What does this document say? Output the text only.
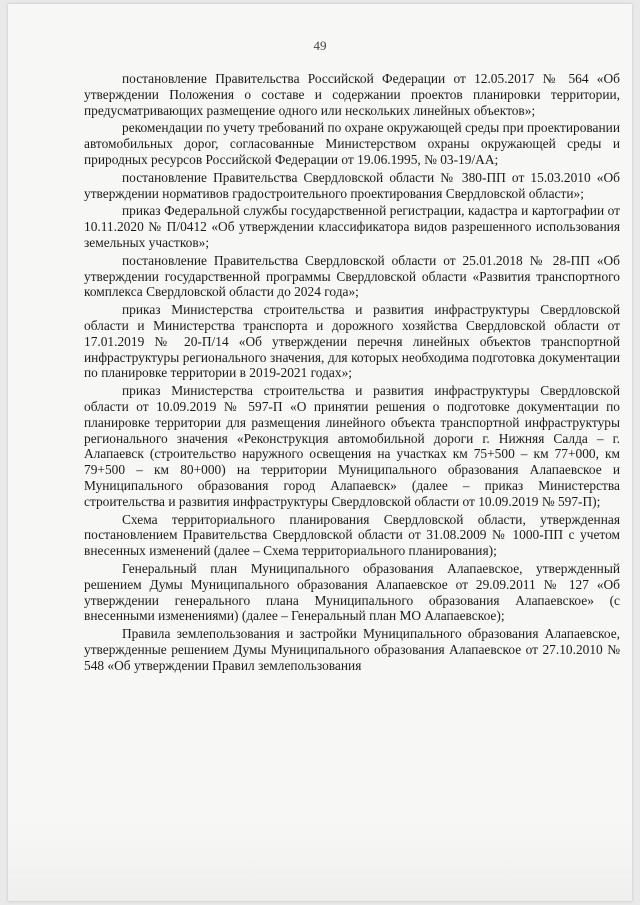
49

постановление Правительства Российской Федерации от 12.05.2017 № 564 «Об утверждении Положения о составе и содержании проектов планировки территории, предусматривающих размещение одного или нескольких линейных объектов»;

рекомендации по учету требований по охране окружающей среды при проектировании автомобильных дорог, согласованные Министерством охраны окружающей среды и природных ресурсов Российской Федерации от 19.06.1995, № 03-19/АА;

постановление Правительства Свердловской области № 380-ПП от 15.03.2010 «Об утверждении нормативов градостроительного проектирования Свердловской области»;

приказ Федеральной службы государственной регистрации, кадастра и картографии от 10.11.2020 № П/0412 «Об утверждении классификатора видов разрешенного использования земельных участков»;

постановление Правительства Свердловской области от 25.01.2018 № 28-ПП «Об утверждении государственной программы Свердловской области «Развития транспортного комплекса Свердловской области до 2024 года»;

приказ Министерства строительства и развития инфраструктуры Свердловской области и Министерства транспорта и дорожного хозяйства Свердловской области от 17.01.2019 № 20-П/14 «Об утверждении перечня линейных объектов транспортной инфраструктуры регионального значения, для которых необходима подготовка документации по планировке территории в 2019-2021 годах»;

приказ Министерства строительства и развития инфраструктуры Свердловской области от 10.09.2019 № 597-П «О принятии решения о подготовке документации по планировке территории для размещения линейного объекта транспортной инфраструктуры регионального значения «Реконструкция автомобильной дороги г. Нижняя Салда – г. Алапаевск (строительство наружного освещения на участках км 75+500 – км 77+000, км 79+500 – км 80+000) на территории Муниципального образования Алапаевское и Муниципального образования город Алапаевск» (далее – приказ Министерства строительства и развития инфраструктуры Свердловской области от 10.09.2019 № 597-П);

Схема территориального планирования Свердловской области, утвержденная постановлением Правительства Свердловской области от 31.08.2009 № 1000-ПП с учетом внесенных изменений (далее – Схема территориального планирования);

Генеральный план Муниципального образования Алапаевское, утвержденный решением Думы Муниципального образования Алапаевское от 29.09.2011 № 127 «Об утверждении генерального плана Муниципального образования Алапаевское» (с внесенными изменениями) (далее – Генеральный план МО Алапаевское);

Правила землепользования и застройки Муниципального образования Алапаевское, утвержденные решением Думы Муниципального образования Алапаевское от 27.10.2010 № 548 «Об утверждении Правил землепользования
